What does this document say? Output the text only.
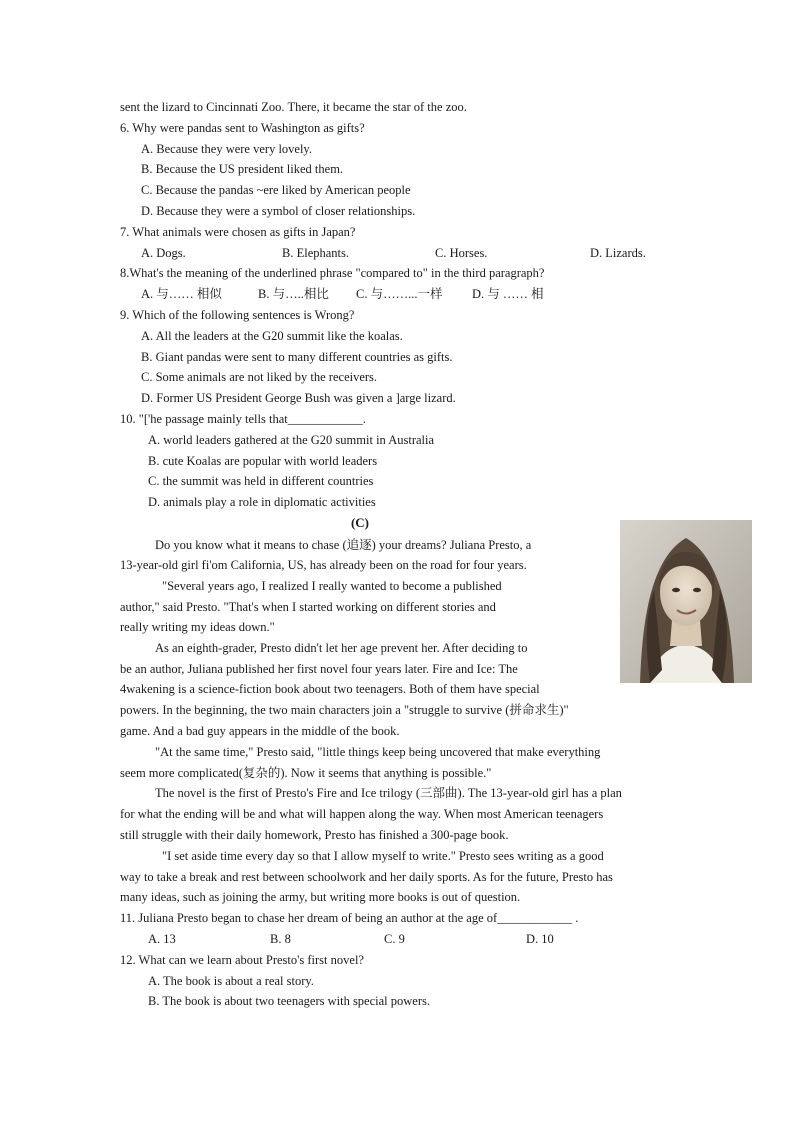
sent the lizard to Cincinnati Zoo. There, it became the star of the zoo.
6. Why were pandas sent to Washington as gifts?
A. Because they were very lovely.
B. Because the US president liked them.
C. Because the pandas ~ere liked by American people
D. Because they were a symbol of closer relationships.
7. What animals were chosen as gifts in Japan?
A. Dogs.	B. Elephants.	C. Horses.	D. Lizards.
8.What's the meaning of the underlined phrase "compared to" in the third paragraph?
A. 与…… 相似	B. 与…..相比 C. 与……...一样 D. 与 …… 相
9. Which of the following sentences is Wrong?
A. All the leaders at the G20 summit like the koalas.
B. Giant pandas were sent to many different countries as gifts.
C. Some animals are not liked by the receivers.
D. Former US President George Bush was given a ]arge lizard.
10. "['he passage mainly tells that____________.
A. world leaders gathered at the G20 summit in Australia
B. cute Koalas are popular with world leaders
C. the summit was held in different countries
D. animals play a role in diplomatic activities
(C)
Do you know what it means to chase (追逐) your dreams? Juliana Presto, a
13-year-old girl fi'om California, US, has already been on the road for four years.
"Several years ago, I realized I really wanted to become a published
author," said Presto. "That's when I started working on different stories and
really writing my ideas down."
As an eighth-grader, Presto didn't let her age prevent her. After deciding to
be an author, Juliana published her first novel four years later. Fire and Ice: The
4wakening is a science-fiction book about two teenagers. Both of them have special
powers. In the beginning, the two main characters join a "struggle to survive (拼命求生)"
game. And a bad guy appears in the middle of the book.
"At the same time," Presto said, "little things keep being uncovered that make everything
seem more complicated(复杂的). Now it seems that anything is possible."
The novel is the first of Presto's Fire and Ice trilogy (三部曲). The 13-year-old girl has a plan
for what the ending will be and what will happen along the way. When most American teenagers
still struggle with their daily homework, Presto has finished a 300-page book.
"I set aside time every day so that I allow myself to write." Presto sees writing as a good
way to take a break and rest between schoolwork and her daily sports. As for the future, Presto has
many ideas, such as joining the army, but writing more books is out of question.
11. Juliana Presto began to chase her dream of being an author at the age of____________ .
A. 13	B. 8	C. 9	D. 10
12. What can we learn about Presto's first novel?
A. The book is about a real story.
B. The book is about two teenagers with special powers.
